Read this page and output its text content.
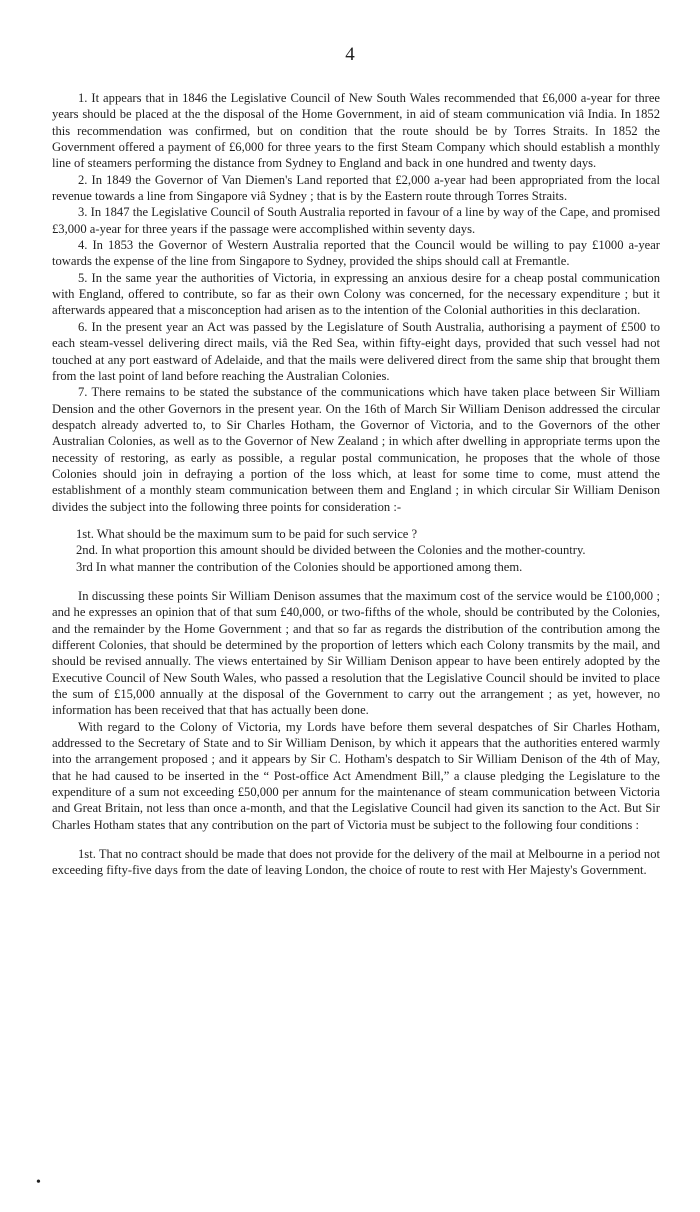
4

1. It appears that in 1846 the Legislative Council of New South Wales recommended that £6,000 a-year for three years should be placed at the the disposal of the Home Government, in aid of steam communication viâ India. In 1852 this recommendation was confirmed, but on condition that the route should be by Torres Straits. In 1852 the Government offered a payment of £6,000 for three years to the first Steam Company which should establish a monthly line of steamers performing the distance from Sydney to England and back in one hundred and twenty days.

2. In 1849 the Governor of Van Diemen's Land reported that £2,000 a-year had been appropriated from the local revenue towards a line from Singapore viâ Sydney ; that is by the Eastern route through Torres Straits.

3. In 1847 the Legislative Council of South Australia reported in favour of a line by way of the Cape, and promised £3,000 a-year for three years if the passage were accomplished within seventy days.

4. In 1853 the Governor of Western Australia reported that the Council would be willing to pay £1000 a-year towards the expense of the line from Singapore to Sydney, provided the ships should call at Fremantle.

5. In the same year the authorities of Victoria, in expressing an anxious desire for a cheap postal communication with England, offered to contribute, so far as their own Colony was concerned, for the necessary expenditure ; but it afterwards appeared that a misconception had arisen as to the intention of the Colonial authorities in this declaration.

6. In the present year an Act was passed by the Legislature of South Australia, authorising a payment of £500 to each steam-vessel delivering direct mails, viâ the Red Sea, within fifty-eight days, provided that such vessel had not touched at any port eastward of Adelaide, and that the mails were delivered direct from the same ship that brought them from the last point of land before reaching the Australian Colonies.

7. There remains to be stated the substance of the communications which have taken place between Sir William Dension and the other Governors in the present year. On the 16th of March Sir William Denison addressed the circular despatch already adverted to, to Sir Charles Hotham, the Governor of Victoria, and to the Governors of the other Australian Colonies, as well as to the Governor of New Zealand ; in which after dwelling in appropriate terms upon the necessity of restoring, as early as possible, a regular postal communication, he proposes that the whole of those Colonies should join in defraying a portion of the loss which, at least for some time to come, must attend the establishment of a monthly steam communication between them and England ; in which circular Sir William Denison divides the subject into the following three points for consideration :-

1st. What should be the maximum sum to be paid for such service ?

2nd. In what proportion this amount should be divided between the Colonies and the mother-country.

3rd In what manner the contribution of the Colonies should be apportioned among them.

In discussing these points Sir William Denison assumes that the maximum cost of the service would be £100,000 ; and he expresses an opinion that of that sum £40,000, or two-fifths of the whole, should be contributed by the Colonies, and the remainder by the Home Government ; and that so far as regards the distribution of the contribution among the different Colonies, that should be determined by the proportion of letters which each Colony transmits by the mail, and should be revised annually. The views entertained by Sir William Denison appear to have been entirely adopted by the Executive Council of New South Wales, who passed a resolution that the Legislative Council should be invited to place the sum of £15,000 annually at the disposal of the Government to carry out the arrangement ; as yet, however, no information has been received that that has actually been done.

With regard to the Colony of Victoria, my Lords have before them several despatches of Sir Charles Hotham, addressed to the Secretary of State and to Sir William Denison, by which it appears that the authorities entered warmly into the arrangement proposed ; and it appears by Sir C. Hotham's despatch to Sir William Denison of the 4th of May, that he had caused to be inserted in the “ Post-office Act Amendment Bill,” a clause pledging the Legislature to the expenditure of a sum not exceeding £50,000 per annum for the maintenance of steam communication between Victoria and Great Britain, not less than once a-month, and that the Legislative Council had given its sanction to the Act. But Sir Charles Hotham states that any contribution on the part of Victoria must be subject to the following four conditions :

1st. That no contract should be made that does not provide for the delivery of the mail at Melbourne in a period not exceeding fifty-five days from the date of leaving London, the choice of route to rest with Her Majesty's Government.

•
